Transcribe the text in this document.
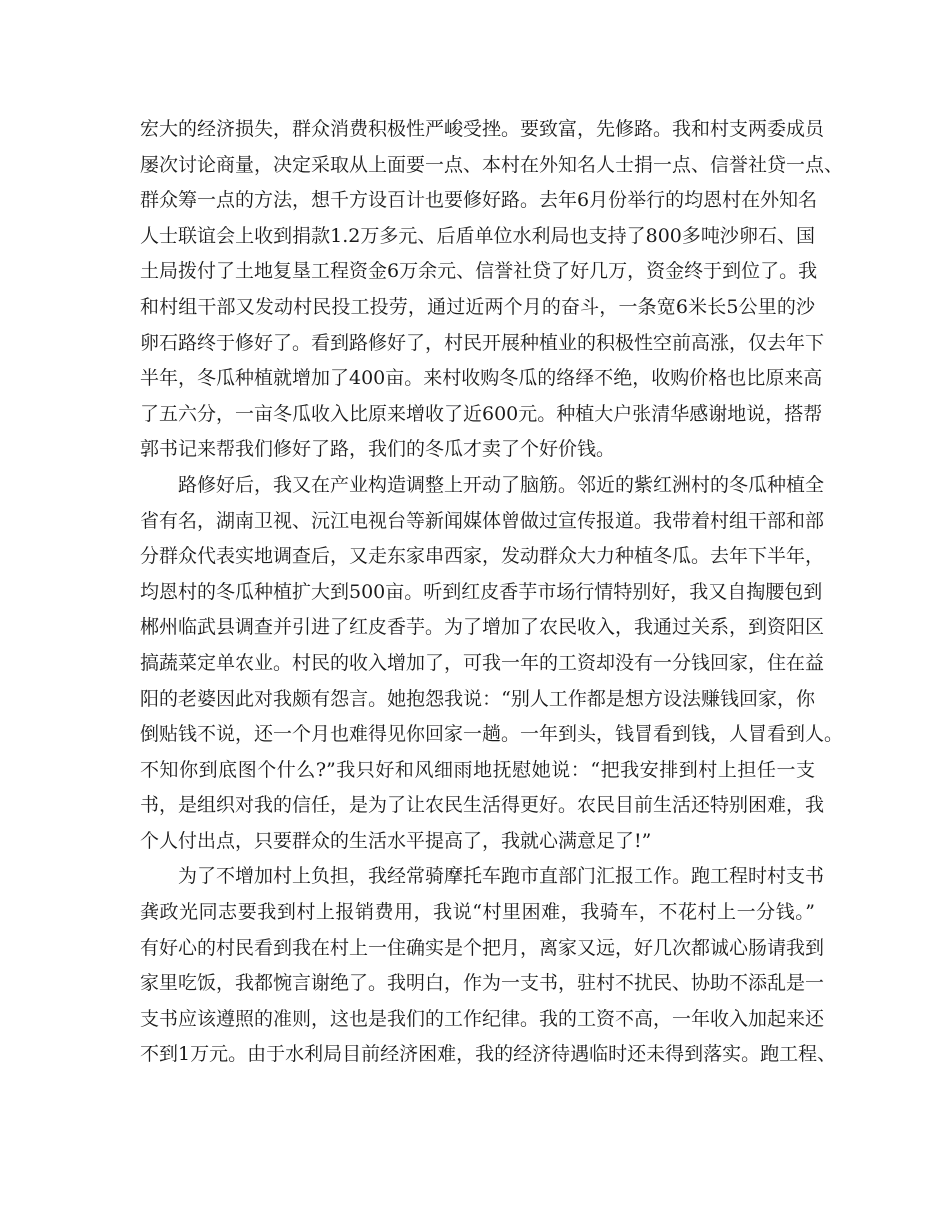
宏大的经济损失，群众消费积极性严峻受挫。要致富，先修路。我和村支两委成员
屡次讨论商量，决定采取从上面要一点、本村在外知名人士捐一点、信誉社贷一点、
群众筹一点的方法，想千方设百计也要修好路。去年6月份举行的均恩村在外知名
人士联谊会上收到捐款1.2万多元、后盾单位水利局也支持了800多吨沙卵石、国
土局拨付了土地复垦工程资金6万余元、信誉社贷了好几万，资金终于到位了。我
和村组干部又发动村民投工投劳，通过近两个月的奋斗，一条宽6米长5公里的沙
卵石路终于修好了。看到路修好了，村民开展种植业的积极性空前高涨，仅去年下
半年，冬瓜种植就增加了400亩。来村收购冬瓜的络绎不绝，收购价格也比原来高
了五六分，一亩冬瓜收入比原来增收了近600元。种植大户张清华感谢地说，搭帮
郭书记来帮我们修好了路，我们的冬瓜才卖了个好价钱。
路修好后，我又在产业构造调整上开动了脑筋。邻近的紫红洲村的冬瓜种植全
省有名，湖南卫视、沅江电视台等新闻媒体曾做过宣传报道。我带着村组干部和部
分群众代表实地调查后，又走东家串西家，发动群众大力种植冬瓜。去年下半年，
均恩村的冬瓜种植扩大到500亩。听到红皮香芋市场行情特别好，我又自掏腰包到
郴州临武县调查并引进了红皮香芋。为了增加了农民收入，我通过关系，到资阳区
搞蔬菜定单农业。村民的收入增加了，可我一年的工资却没有一分钱回家，住在益
阳的老婆因此对我颇有怨言。她抱怨我说：“别人工作都是想方设法赚钱回家，你
倒贴钱不说，还一个月也难得见你回家一趟。一年到头，钱冒看到钱，人冒看到人。
不知你到底图个什么?”我只好和风细雨地抚慰她说：“把我安排到村上担任一支
书，是组织对我的信任，是为了让农民生活得更好。农民目前生活还特别困难，我
个人付出点，只要群众的生活水平提高了，我就心满意足了!”
为了不增加村上负担，我经常骑摩托车跑市直部门汇报工作。跑工程时村支书
龚政光同志要我到村上报销费用，我说“村里困难，我骑车，不花村上一分钱。”
有好心的村民看到我在村上一住确实是个把月，离家又远，好几次都诚心肠请我到
家里吃饭，我都惋言谢绝了。我明白，作为一支书，驻村不扰民、协助不添乱是一
支书应该遵照的准则，这也是我们的工作纪律。我的工资不高，一年收入加起来还
不到1万元。由于水利局目前经济困难，我的经济待遇临时还未得到落实。跑工程、
